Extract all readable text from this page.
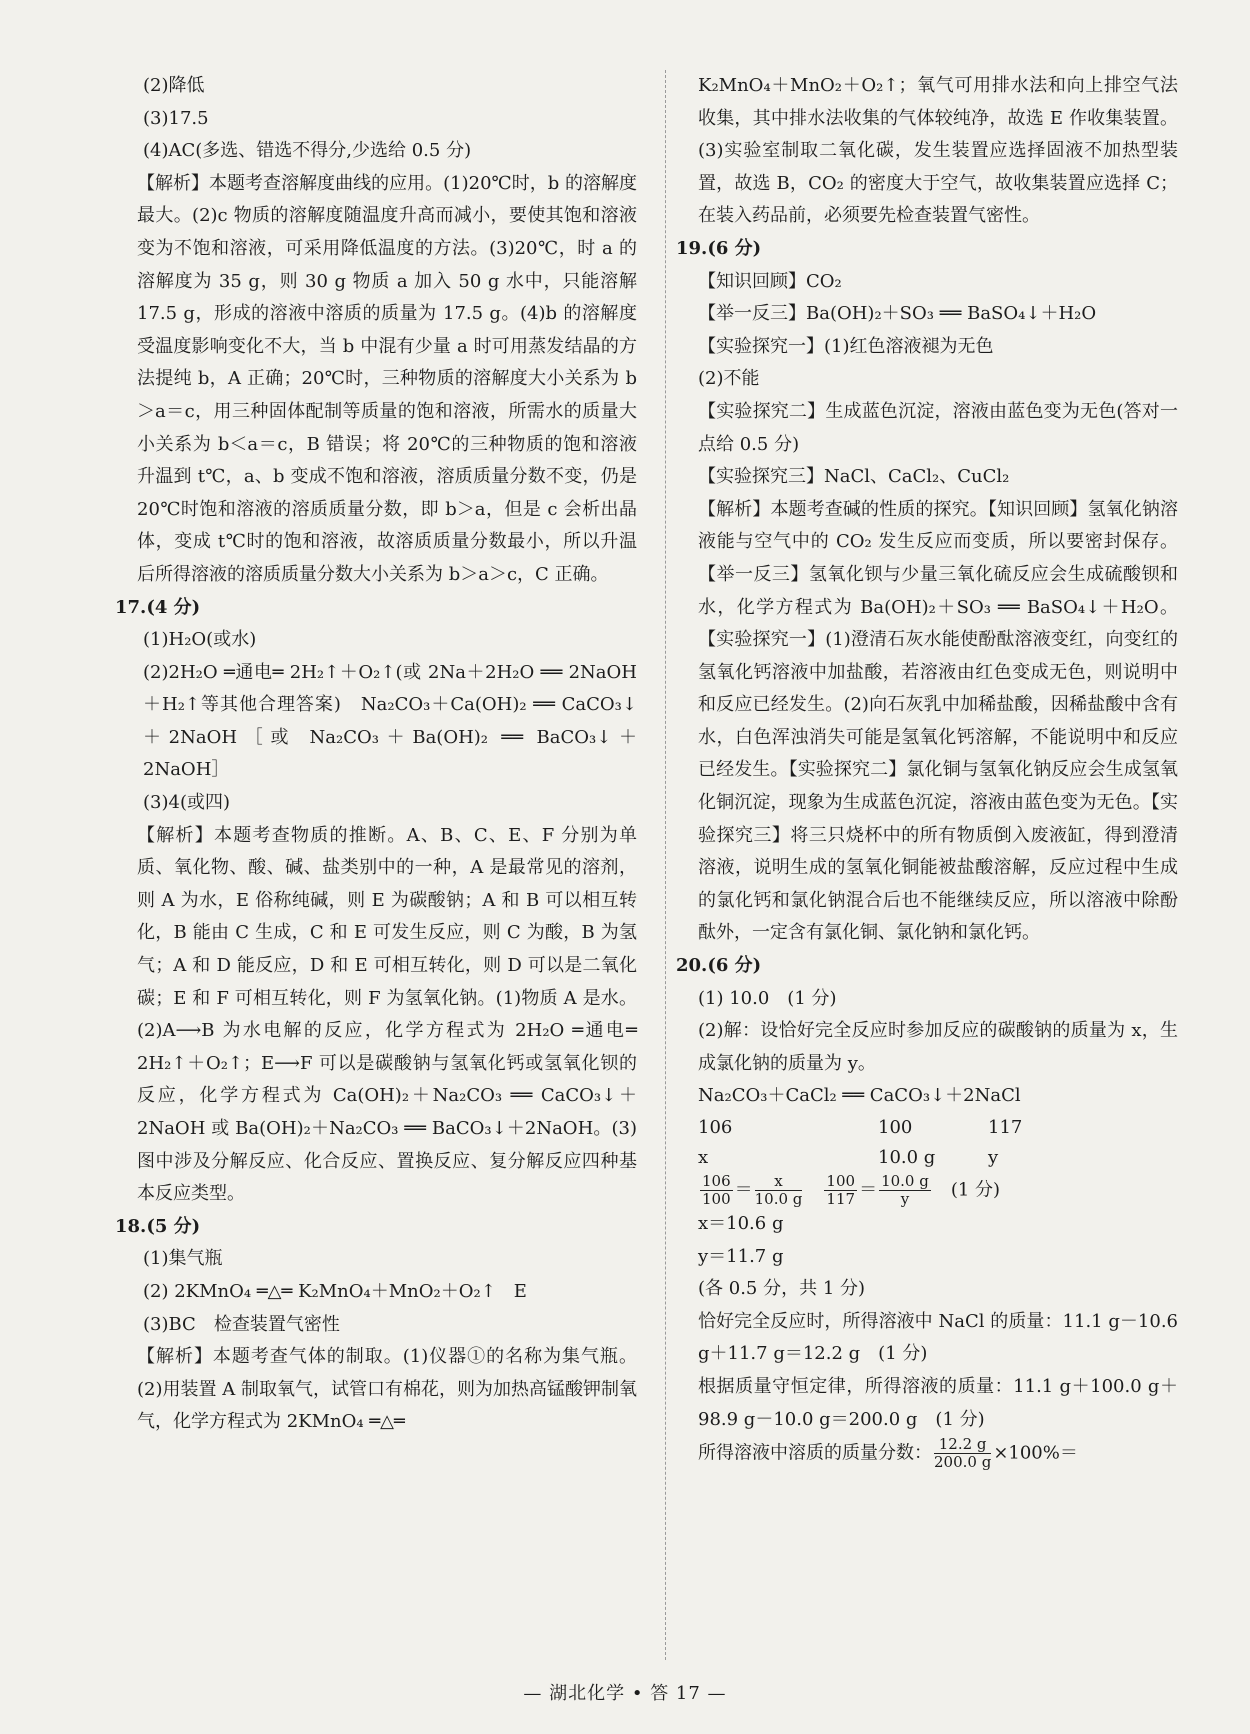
(2)降低

(3)17.5

(4)AC(多选、错选不得分,少选给 0.5 分)

【解析】本题考查溶解度曲线的应用。(1)20℃时，b 的溶解度最大。(2)c 物质的溶解度随温度升高而减小，要使其饱和溶液变为不饱和溶液，可采用降低温度的方法。(3)20℃，时 a 的溶解度为 35 g，则 30 g 物质 a 加入 50 g 水中，只能溶解 17.5 g，形成的溶液中溶质的质量为 17.5 g。(4)b 的溶解度受温度影响变化不大，当 b 中混有少量 a 时可用蒸发结晶的方法提纯 b，A 正确；20℃时，三种物质的溶解度大小关系为 b＞a＝c，用三种固体配制等质量的饱和溶液，所需水的质量大小关系为 b＜a＝c，B 错误；将 20℃的三种物质的饱和溶液升温到 t℃，a、b 变成不饱和溶液，溶质质量分数不变，仍是 20℃时饱和溶液的溶质质量分数，即 b＞a，但是 c 会析出晶体，变成 t℃时的饱和溶液，故溶质质量分数最小，所以升温后所得溶液的溶质质量分数大小关系为 b＞a＞c，C 正确。

17.(4 分)

(1)H₂O(或水)

(2)2H₂O ═通电═ 2H₂↑＋O₂↑(或 2Na＋2H₂O ══ 2NaOH＋H₂↑等其他合理答案)　Na₂CO₃＋Ca(OH)₂ ══ CaCO₃↓＋2NaOH［或 Na₂CO₃＋Ba(OH)₂ ══ BaCO₃↓＋2NaOH］

(3)4(或四)

【解析】本题考查物质的推断。A、B、C、E、F 分别为单质、氧化物、酸、碱、盐类别中的一种，A 是最常见的溶剂，则 A 为水，E 俗称纯碱，则 E 为碳酸钠；A 和 B 可以相互转化，B 能由 C 生成，C 和 E 可发生反应，则 C 为酸，B 为氢气；A 和 D 能反应，D 和 E 可相互转化，则 D 可以是二氧化碳；E 和 F 可相互转化，则 F 为氢氧化钠。(1)物质 A 是水。(2)A⟶B 为水电解的反应，化学方程式为 2H₂O ═通电═ 2H₂↑＋O₂↑；E⟶F 可以是碳酸钠与氢氧化钙或氢氧化钡的反应，化学方程式为 Ca(OH)₂＋Na₂CO₃ ══ CaCO₃↓＋2NaOH 或 Ba(OH)₂＋Na₂CO₃ ══ BaCO₃↓＋2NaOH。(3)图中涉及分解反应、化合反应、置换反应、复分解反应四种基本反应类型。

18.(5 分)

(1)集气瓶

(2) 2KMnO₄ ═△═ K₂MnO₄＋MnO₂＋O₂↑　E

(3)BC　检查装置气密性

【解析】本题考查气体的制取。(1)仪器①的名称为集气瓶。(2)用装置 A 制取氧气，试管口有棉花，则为加热高锰酸钾制氧气，化学方程式为 2KMnO₄ ═△═

K₂MnO₄＋MnO₂＋O₂↑；氧气可用排水法和向上排空气法收集，其中排水法收集的气体较纯净，故选 E 作收集装置。(3)实验室制取二氧化碳，发生装置应选择固液不加热型装置，故选 B，CO₂ 的密度大于空气，故收集装置应选择 C；在装入药品前，必须要先检查装置气密性。

19.(6 分)

【知识回顾】CO₂

【举一反三】Ba(OH)₂＋SO₃ ══ BaSO₄↓＋H₂O

【实验探究一】(1)红色溶液褪为无色

(2)不能

【实验探究二】生成蓝色沉淀，溶液由蓝色变为无色(答对一点给 0.5 分)

【实验探究三】NaCl、CaCl₂、CuCl₂

【解析】本题考查碱的性质的探究。【知识回顾】氢氧化钠溶液能与空气中的 CO₂ 发生反应而变质，所以要密封保存。【举一反三】氢氧化钡与少量三氧化硫反应会生成硫酸钡和水，化学方程式为 Ba(OH)₂＋SO₃ ══ BaSO₄↓＋H₂O。【实验探究一】(1)澄清石灰水能使酚酞溶液变红，向变红的氢氧化钙溶液中加盐酸，若溶液由红色变成无色，则说明中和反应已经发生。(2)向石灰乳中加稀盐酸，因稀盐酸中含有水，白色浑浊消失可能是氢氧化钙溶解，不能说明中和反应已经发生。【实验探究二】氯化铜与氢氧化钠反应会生成氢氧化铜沉淀，现象为生成蓝色沉淀，溶液由蓝色变为无色。【实验探究三】将三只烧杯中的所有物质倒入废液缸，得到澄清溶液，说明生成的氢氧化铜能被盐酸溶解，反应过程中生成的氯化钙和氯化钠混合后也不能继续反应，所以溶液中除酚酞外，一定含有氯化铜、氯化钠和氯化钙。

20.(6 分)

(1) 10.0　(1 分)

(2)解：设恰好完全反应时参加反应的碳酸钠的质量为 x，生成氯化钠的质量为 y。

Na₂CO₃＋CaCl₂ ══ CaCO₃↓＋2NaCl

106	100	117
x	10.0 g	y

$\frac{106}{100} = \frac{x}{10.0 g}$
　 $\frac{100}{117} = \frac{10.0 g}{y}$
　 (1 分)

x＝10.6 g

y＝11.7 g

(各 0.5 分，共 1 分)

恰好完全反应时，所得溶液中 NaCl 的质量：11.1 g－10.6 g＋11.7 g＝12.2 g　(1 分)

根据质量守恒定律，所得溶液的质量：11.1 g＋100.0 g＋98.9 g－10.0 g＝200.0 g　(1 分)

所得溶液中溶质的质量分数： $\frac{12.2 g}{200.0 g} \times 100\%=$

— 湖北化学 • 答 17 —
